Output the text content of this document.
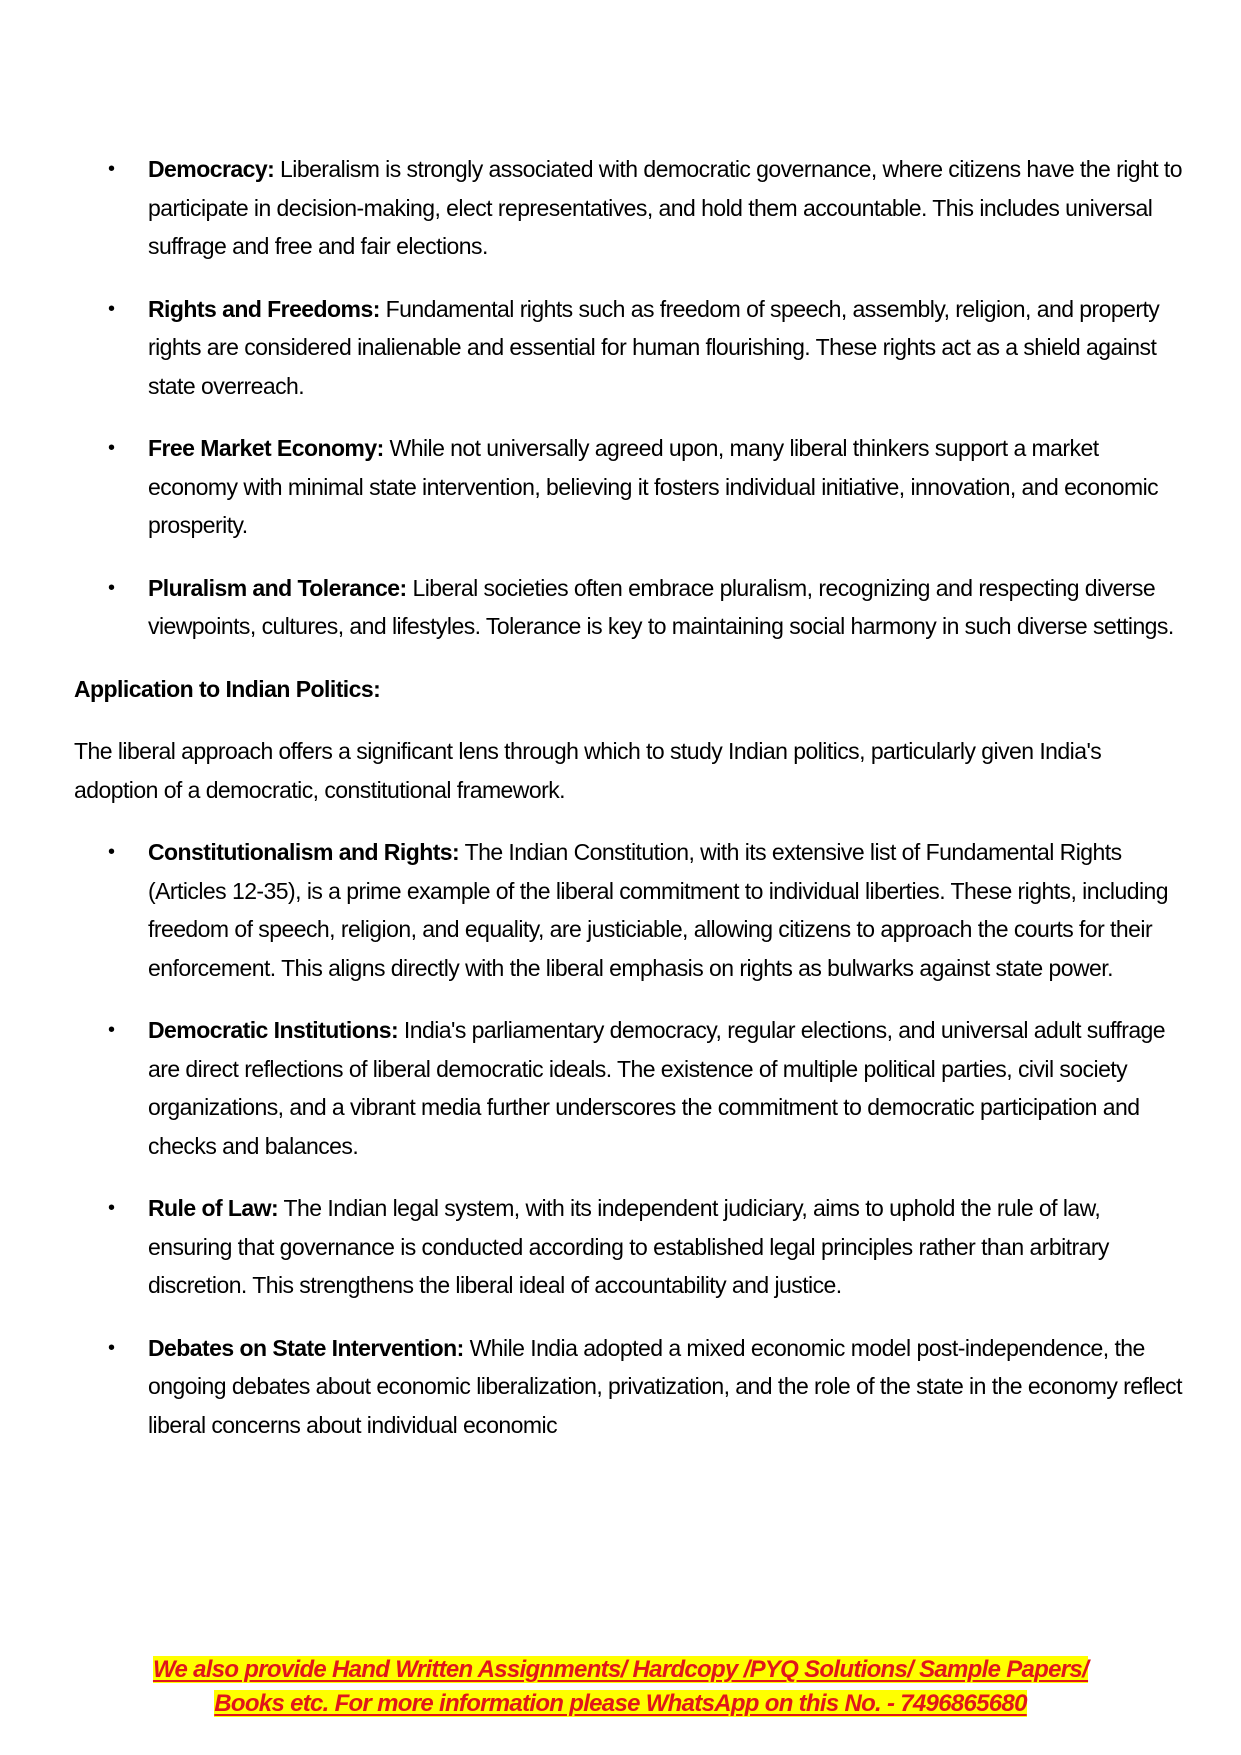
• Democracy: Liberalism is strongly associated with democratic governance, where citizens have the right to participate in decision-making, elect representatives, and hold them accountable. This includes universal suffrage and free and fair elections.
• Rights and Freedoms: Fundamental rights such as freedom of speech, assembly, religion, and property rights are considered inalienable and essential for human flourishing. These rights act as a shield against state overreach.
• Free Market Economy: While not universally agreed upon, many liberal thinkers support a market economy with minimal state intervention, believing it fosters individual initiative, innovation, and economic prosperity.
• Pluralism and Tolerance: Liberal societies often embrace pluralism, recognizing and respecting diverse viewpoints, cultures, and lifestyles. Tolerance is key to maintaining social harmony in such diverse settings.

Application to Indian Politics:

The liberal approach offers a significant lens through which to study Indian politics, particularly given India's adoption of a democratic, constitutional framework.

• Constitutionalism and Rights: The Indian Constitution, with its extensive list of Fundamental Rights (Articles 12-35), is a prime example of the liberal commitment to individual liberties. These rights, including freedom of speech, religion, and equality, are justiciable, allowing citizens to approach the courts for their enforcement. This aligns directly with the liberal emphasis on rights as bulwarks against state power.
• Democratic Institutions: India's parliamentary democracy, regular elections, and universal adult suffrage are direct reflections of liberal democratic ideals. The existence of multiple political parties, civil society organizations, and a vibrant media further underscores the commitment to democratic participation and checks and balances.
• Rule of Law: The Indian legal system, with its independent judiciary, aims to uphold the rule of law, ensuring that governance is conducted according to established legal principles rather than arbitrary discretion. This strengthens the liberal ideal of accountability and justice.
• Debates on State Intervention: While India adopted a mixed economic model post-independence, the ongoing debates about economic liberalization, privatization, and the role of the state in the economy reflect liberal concerns about individual economic
We also provide Hand Written Assignments/ Hardcopy /PYQ Solutions/ Sample Papers/
Books etc. For more information please WhatsApp on this No. - 7496865680
